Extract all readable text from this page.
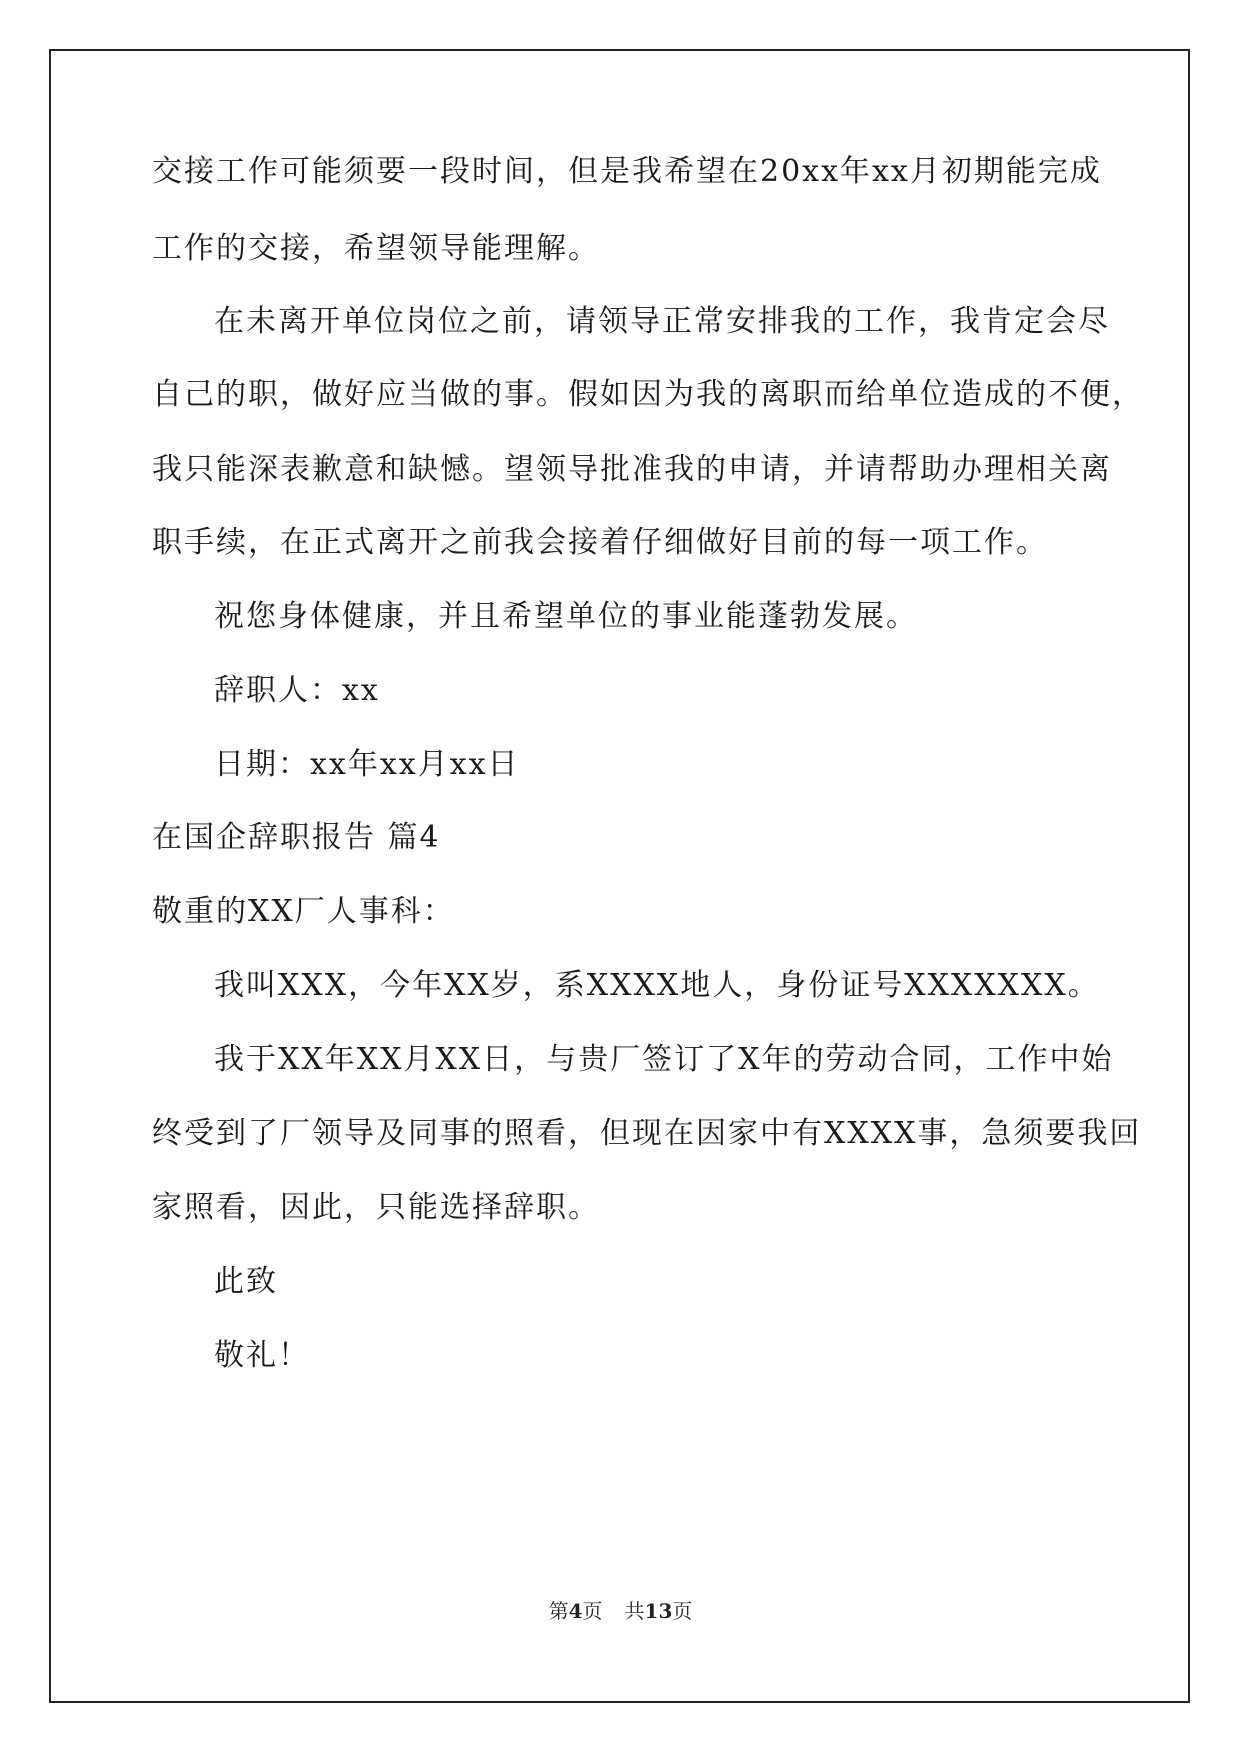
交接工作可能须要一段时间，但是我希望在20xx年xx月初期能完成
工作的交接，希望领导能理解。
在未离开单位岗位之前，请领导正常安排我的工作，我肯定会尽
自己的职，做好应当做的事。假如因为我的离职而给单位造成的不便，
我只能深表歉意和缺憾。望领导批准我的申请，并请帮助办理相关离
职手续，在正式离开之前我会接着仔细做好目前的每一项工作。
祝您身体健康，并且希望单位的事业能蓬勃发展。
辞职人：xx
日期：xx年xx月xx日
在国企辞职报告 篇4
敬重的XX厂人事科：
我叫XXX，今年XX岁，系XXXX地人，身份证号XXXXXXX。
我于XX年XX月XX日，与贵厂签订了X年的劳动合同，工作中始
终受到了厂领导及同事的照看，但现在因家中有XXXX事，急须要我回
家照看，因此，只能选择辞职。
此致
敬礼！
第4页 共13页
